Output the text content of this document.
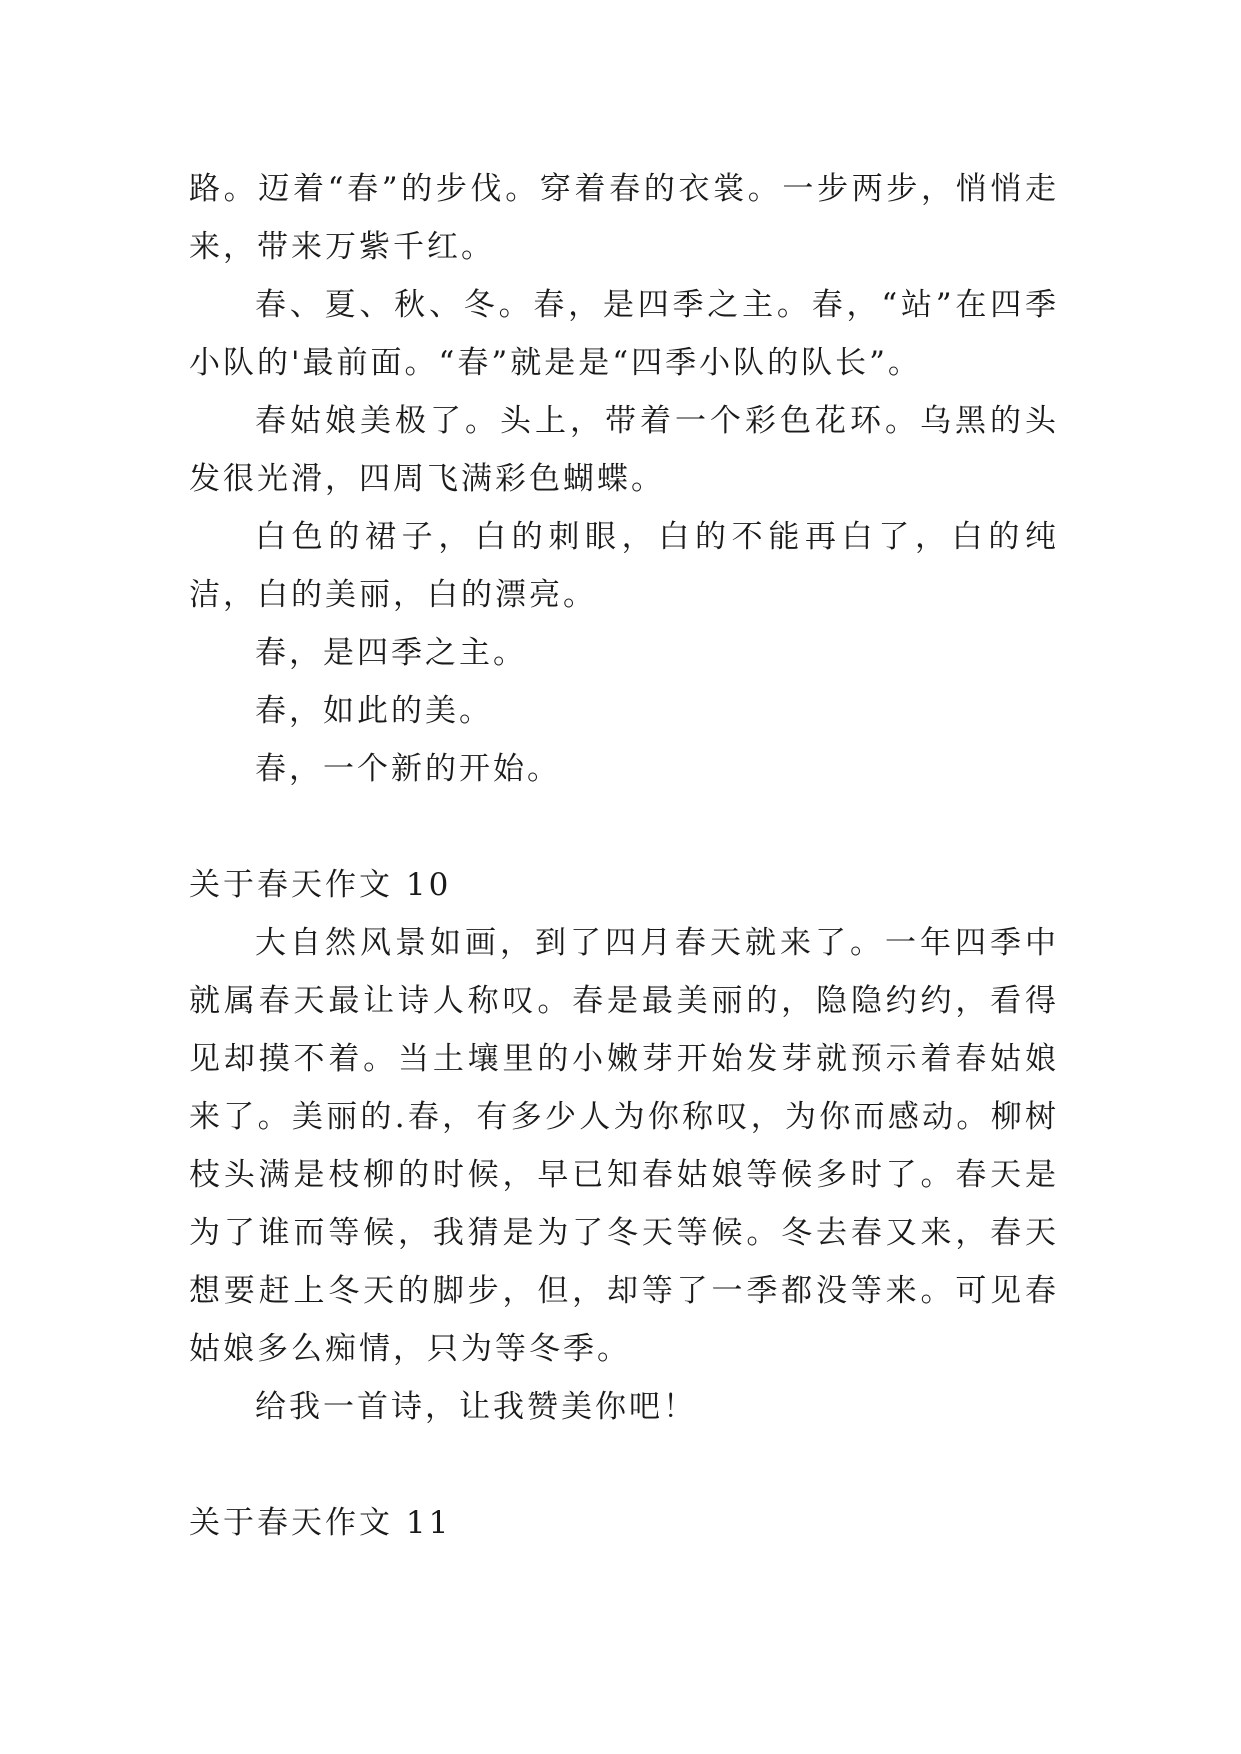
路。迈着“春”的步伐。穿着春的衣裳。一步两步，悄悄走来，带来万紫千红。

春、夏、秋、冬。春，是四季之主。春，“站”在四季小队的'最前面。“春”就是是“四季小队的队长”。

春姑娘美极了。头上，带着一个彩色花环。乌黑的头发很光滑，四周飞满彩色蝴蝶。

白色的裙子，白的刺眼，白的不能再白了，白的纯洁，白的美丽，白的漂亮。

春，是四季之主。

春，如此的美。

春，一个新的开始。

关于春天作文 10

大自然风景如画，到了四月春天就来了。一年四季中就属春天最让诗人称叹。春是最美丽的，隐隐约约，看得见却摸不着。当土壤里的小嫩芽开始发芽就预示着春姑娘来了。美丽的.春，有多少人为你称叹，为你而感动。柳树枝头满是枝柳的时候，早已知春姑娘等候多时了。春天是为了谁而等候，我猜是为了冬天等候。冬去春又来，春天想要赶上冬天的脚步，但，却等了一季都没等来。可见春姑娘多么痴情，只为等冬季。

给我一首诗，让我赞美你吧！

关于春天作文 11
